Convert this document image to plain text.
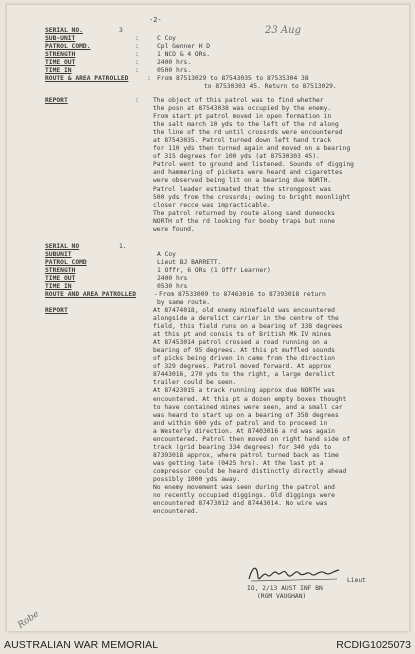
-2-
23 Aug
SERIAL NO.	3
SUB-UNIT	:	C Coy
PATROL COMD.	:	Cpl Genner H D
STRENGTH	:	1 NCO & 4 ORs.
TIME OUT	:	2400 hrs.
TIME IN	:	0500 hrs.
ROUTE & AREA PATROLLED	: From 87513029 to 87543035 to 87535304 38
to 87530303 45. Return to 87513029.
REPORT	: The object of this patrol was to find whether
the posn at 87543038 was occupied by the enemy.
From start pt patrol moved in open formation in
the salt march 10 yds to the left of the rd along
the line of the rd until crossrds were encountered
at 87543035. Patrol turned down left hand track
for 110 yds then turned again and moved on a bearing
of 315 degrees for 100 yds (at 87530303 45).
Patrol went to ground and listened. Sounds of digging
and hammering of pickets were heard and cigarettes
were observed being lit on a bearing due NORTH.
Patrol leader estimated that the strongpost was
500 yds from the crossrds; owing to bright moonlight
closer recce was impracticable.
The patrol returned by route along sand duneocks
NORTH of the rd looking for booby traps but none
were found.
SERIAL NO	1.
SUBUNIT	A Coy
PATROL COMD	Lieut BJ BARRETT.
STRENGTH	1 Offr, 6 ORs (1 Offr Learner)
TIME OUT	2400 hrs
TIME IN	0530 hrs
ROUTE AND AREA PATROLLED	- From 87533009 to 87463016 to 87393018 return
by same route.
REPORT	At 87474018, old enemy minefield was encountered
alongside a derelict carrier in the centre of the
field, this field runs on a bearing of 338 degrees
at this pt and consis ts of British Mk IV mines
At 87453014 patrol crossed a road running on a
bearing of 95 degrees. At this pt muffled sounds
of picks being driven in came from the direction
of 329 degrees. Patrol moved forward. At approx
87443016, 270 yds to the right, a large derelict
trailer could be seen.
At 87423015 a track running approx due NORTH was
encountered. At this pt a dozen empty boxes thought
to have contained mines were seen, and a small car
was heard to start up on a bearing of 358 degrees
and within 600 yds of patrol and to proceed in
a Westerly direction. At 87403016 a rd was again
encountered. Patrol then moved on right hand side of
track (grid bearing 334 degrees) for 340 yds to
87393018 approx, where patrol turned back as time
was getting late (0425 hrs). At the last pt a
compressor could be heard distinctly directly ahead
possibly 1000 yds away.
No enemy movement was seen during the patrol and
no recently occupied diggings. Old diggings were
encountered 87473012 and 87443014. No wire was
encountered.
Lieut
IO, 2/13 AUST INF BN
(RGM VAUGHAN)
Robe
AUSTRALIAN WAR MEMORIAL	RCDIG1025073
